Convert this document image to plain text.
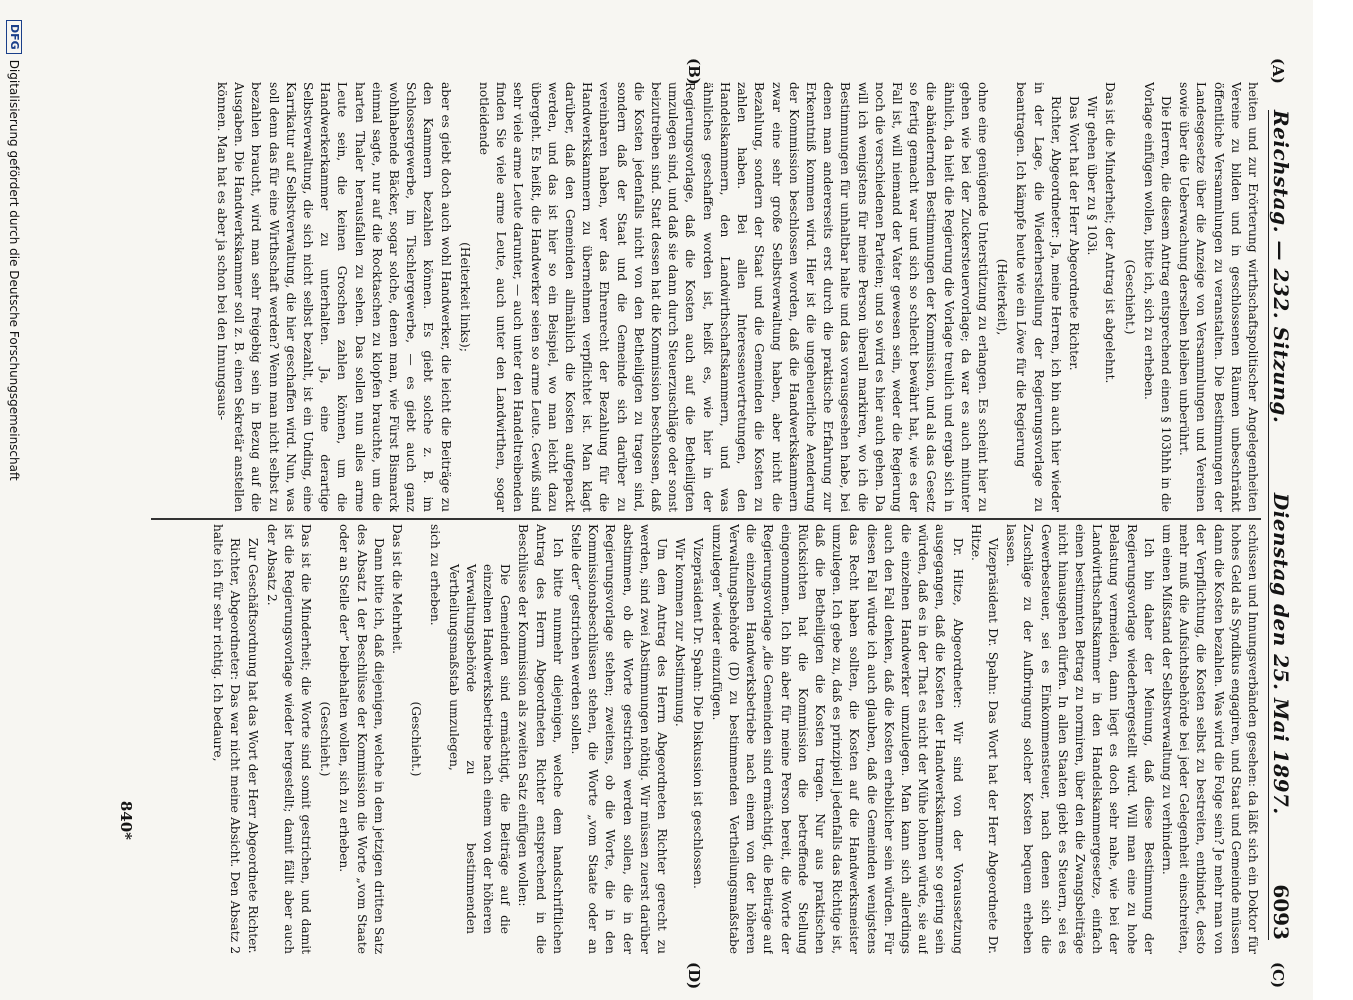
Reichstag. — 232. Sitzung.
Dienstag den 25. Mai 1897.
6093
(A)
(B)
(C)
(D)

heiten und zur Erörterung wirthschaftspolitischer Angelegenheiten Vereine zu bilden und in geschlossenen Räumen unbeschränkt öffentliche Versammlungen zu veranstalten. Die Bestimmungen der Landesgesetze über die Anzeige von Versammlungen und Vereinen sowie über die Ueberwachung derselben bleiben unberührt.

Die Herren, die diesem Antrag entsprechend einen § 103hhh in die Vorlage einfügen wollen, bitte ich, sich zu erheben.

(Geschieht.)

Das ist die Minderheit; der Antrag ist abgelehnt.

Wir gehen über zu § 103i.

Das Wort hat der Herr Abgeordnete Richter.

Richter, Abgeordneter: Ja, meine Herren, ich bin auch hier wieder in der Lage, die Wiederherstellung der Regierungsvorlage zu beantragen. Ich kämpfe heute wie ein Löwe für die Regierung

(Heiterkeit),

ohne eine genügende Unterstützung zu erlangen. Es scheint hier zu gehen wie bei der Zuckersteuervorlage; da war es auch mitunter ähnlich, da hielt die Regierung die Vorlage treulich und ergab sich in die abändernden Bestimmungen der Kommission, und als das Gesetz so fertig gemacht war und sich so schlecht bewährt hat, wie es der Fall ist, will niemand der Vater gewesen sein, weder die Regierung noch die verschiedenen Parteien; und so wird es hier auch gehen. Da will ich wenigstens für meine Person überall markiren, wo ich die Bestimmungen für unhaltbar halte und das vorausgesehen habe, bei denen man andererseits erst durch die praktische Erfahrung zur Erkenntniß kommen wird. Hier ist die ungeheuerliche Aenderung der Kommission beschlossen worden, daß die Handwerkskammern zwar eine sehr große Selbstverwaltung haben, aber nicht die Bezahlung, sondern der Staat und die Gemeinden die Kosten zu zahlen haben. Bei allen Interessenvertretungen, den Handelskammern, den Landwirthschaftskammern, und was ähnliches geschaffen worden ist, heißt es, wie hier in der Regierungsvorlage, daß die Kosten auch auf die Betheiligten umzulegen sind, und daß sie dann durch Steuerzuschläge oder sonst beizutreiben sind. Statt dessen hat die Kommission beschlossen, daß die Kosten jedenfalls nicht von den Betheiligten zu tragen sind, sondern daß der Staat und die Gemeinde sich darüber zu vereinbaren haben, wer das Ehrenrecht der Bezahlung für die Handwerkskammern zu übernehmen verpflichtet ist. Man klagt darüber, daß den Gemeinden allmählich die Kosten aufgepackt werden, und das ist hier so ein Beispiel, wo man leicht dazu übergeht. Es heißt, die Handwerker seien so arme Leute. Gewiß sind sehr viele arme Leute darunter, — auch unter den Handeltreibenden finden Sie viele arme Leute, auch unter den Landwirthen, sogar notleidende

(Heiterkeit links);

aber es giebt doch auch wohl Handwerker, die leicht die Beiträge zu den Kammern bezahlen können. Es giebt solche z. B. im Schlossergewerbe, im Tischlergewerbe, — es giebt auch ganz wohlhabende Bäcker, sogar solche, denen man, wie Fürst Bismarck einmal sagte, nur auf die Rocktaschen zu klopfen brauchte, um die harten Thaler herausfallen zu sehen. Das sollen nun alles arme Leute sein, die keinen Groschen zahlen können, um die Handwerkerkammer zu unterhalten. Ja, eine derartige Selbstverwaltung, die sich nicht selbst bezahlt, ist ein Unding, eine Karrikatur auf Selbstverwaltung, die hier geschaffen wird. Nun, was soll denn das für eine Wirthschaft werden? Wenn man nicht selbst zu bezahlen braucht, wird man sehr freigebig sein in Bezug auf die Ausgaben. Die Handwerkskammer soll z. B. einen Sekretär anstellen können. Man hat es aber ja schon bei den Innungsaus-

schüssen und Innungsverbänden gesehen: da läßt sich ein Doktor für hohes Geld als Syndikus engagiren, und Staat und Gemeinde müssen dann die Kosten bezahlen. Was wird die Folge sein? Je mehr man von der Verpflichtung, die Kosten selbst zu bestreiten, entbindet, desto mehr muß die Aufsichtsbehörde bei jeder Gelegenheit einschreiten, um einen Mißstand der Selbstverwaltung zu verhindern.

Ich bin daher der Meinung, daß diese Bestimmung der Regierungsvorlage wiederhergestellt wird. Will man eine zu hohe Belastung vermeiden, dann liegt es doch sehr nahe, wie bei der Landwirthschaftskammer in den Handelskammergesetze, einfach einen bestimmten Betrag zu normiren, über den die Zwangsbeiträge nicht hinausgehen dürfen. In allen Staaten giebt es Steuern, sei es Gewerbesteuer, sei es Einkommensteuer, nach denen sich die Zuschläge zu der Aufbringung solcher Kosten bequem erheben lassen.

Vizepräsident Dr. Spahn: Das Wort hat der Herr Abgeordnete Dr. Hitze.

Dr. Hitze, Abgeordneter: Wir sind von der Voraussetzung ausgegangen, daß die Kosten der Handwerkskammer so gering sein würden, daß es in der That es nicht der Mühe lohnen würde, sie auf die einzelnen Handwerker umzulegen. Man kann sich allerdings auch den Fall denken, daß die Kosten erheblicher sein würden. Für diesen Fall würde ich auch glauben, daß die Gemeinden wenigstens das Recht haben sollten, die Kosten auf die Handwerksmeister umzulegen. Ich gebe zu, daß es prinzipiell jedenfalls das Richtige ist, daß die Betheiligten die Kosten tragen. Nur aus praktischen Rücksichten hat die Kommission die betreffende Stellung eingenommen. Ich bin aber für meine Person bereit, die Worte der Regierungsvorlage „die Gemeinden sind ermächtigt, die Beiträge auf die einzelnen Handwerksbetriebe nach einem von der höheren Verwaltungsbehörde (D) zu bestimmenden Vertheilungsmaßstabe umzulegen“ wieder einzufügen.

Vizepräsident Dr. Spahn: Die Diskussion ist geschlossen.

Wir kommen zur Abstimmung.

Um dem Antrag des Herrn Abgeordneten Richter gerecht zu werden, sind zwei Abstimmungen nöthig. Wir müssen zuerst darüber abstimmen, ob die Worte gestrichen werden sollen, die in der Regierungsvorlage stehen; zweitens, ob die Worte, die in den Kommissionsbeschlüssen stehen, die Worte „vom Staate oder an Stelle der“ gestrichen werden sollen.

Ich bitte nunmehr diejenigen, welche dem handschriftlichen Antrag des Herrn Abgeordneten Richter entsprechend in die Beschlüsse der Kommission als zweiten Satz einfügen wollen:

Die Gemeinden sind ermächtigt, die Beiträge auf die einzelnen Handwerksbetriebe nach einem von der höheren Verwaltungsbehörde zu bestimmenden Vertheilungsmaßstab umzulegen,

sich zu erheben.

(Geschieht.)

Das ist die Mehrheit.

Dann bitte ich, daß diejenigen, welche in dem jetzigen dritten Satz des Absatz 1 der Beschlüsse der Kommission die Worte „vom Staate oder an Stelle der“ beibehalten wollen, sich zu erheben.

(Geschieht.)

Das ist die Minderheit; die Worte sind somit gestrichen, und damit ist die Regierungsvorlage wieder hergestellt; damit fällt aber auch der Absatz 2.

Zur Geschäftsordnung hat das Wort der Herr Abgeordnete Richter.

Richter, Abgeordneter: Das war nicht meine Absicht. Den Absatz 2 halte ich für sehr richtig. Ich bedaure,

840*
DFG
Digitalisierung gefördert durch die Deutsche Forschungsgemeinschaft
